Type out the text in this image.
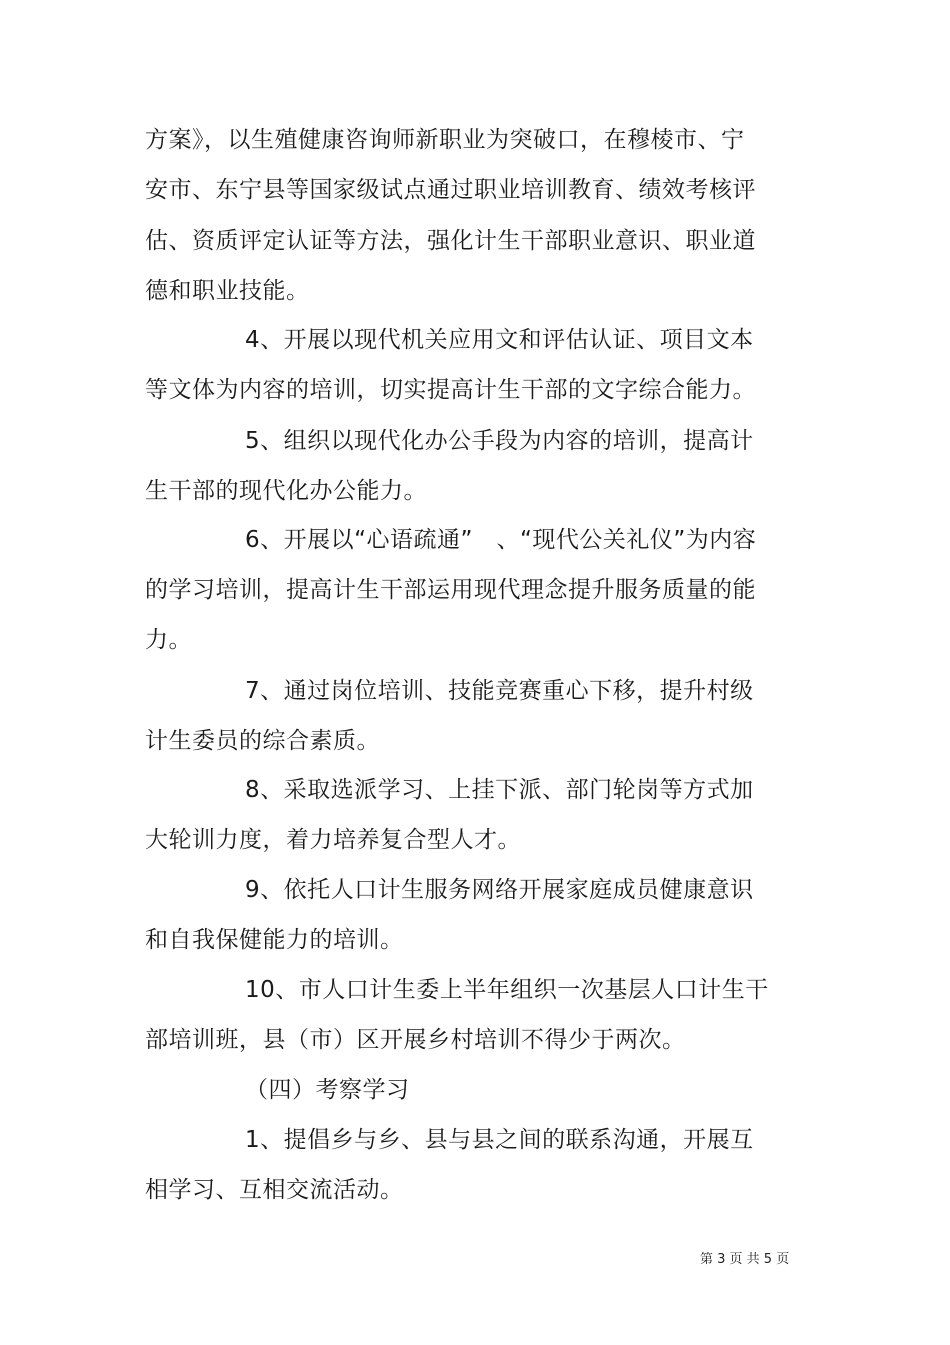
方案》，以生殖健康咨询师新职业为突破口，在穆棱市、宁
安市、东宁县等国家级试点通过职业培训教育、绩效考核评
估、资质评定认证等方法，强化计生干部职业意识、职业道
德和职业技能。
4、开展以现代机关应用文和评估认证、项目文本
等文体为内容的培训，切实提高计生干部的文字综合能力。
5、组织以现代化办公手段为内容的培训，提高计
生干部的现代化办公能力。
6、开展以“心语疏通”　、“现代公关礼仪”为内容
的学习培训，提高计生干部运用现代理念提升服务质量的能
力。
7、通过岗位培训、技能竞赛重心下移，提升村级
计生委员的综合素质。
8、采取选派学习、上挂下派、部门轮岗等方式加
大轮训力度，着力培养复合型人才。
9、依托人口计生服务网络开展家庭成员健康意识
和自我保健能力的培训。
10、市人口计生委上半年组织一次基层人口计生干
部培训班，县（市）区开展乡村培训不得少于两次。
（四）考察学习
1、提倡乡与乡、县与县之间的联系沟通，开展互
相学习、互相交流活动。
第 3 页 共 5 页
